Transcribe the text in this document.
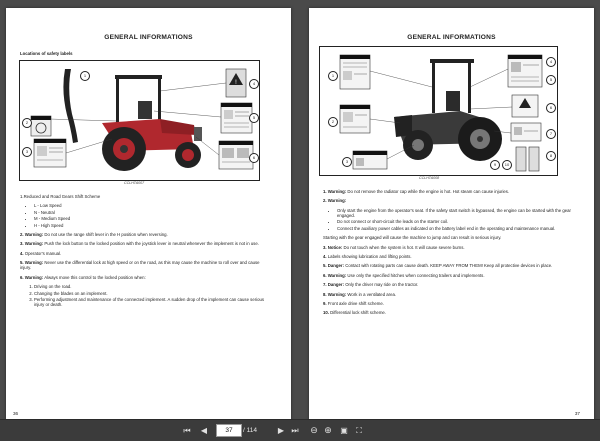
GENERAL INFORMATIONS
Locations of safety labels
!
1
2
3
4
5
6
CCLHTA007

1.Reduced and Road Gears Shift Scheme

• L - Low Speed
• N - Neutral
• M - Medium Speed
• H - High Speed

2. Warning: Do not use the range shift lever in the H position when reversing.

3. Warning: Push the lock button to the locked position with the joystick lever in neutral whenever the implement is not in use.

4. Operator's manual.

5. Warning: Never use the differential lock at high speed or on the road, as this may cause the machine to roll over and cause injury.

6. Warning: Always move this control to the locked position when:

1. Driving on the road.
2. Changing the blades on an implement.
3. Performing adjustment and maintenance of the connected implement. A sudden drop of the implement can cause serious injury or death.
36
GENERAL INFORMATIONS
1
2
3
4
5
6
7
8
9	10
CCLHTA008

1. Warning: Do not remove the radiator cap while the engine is hot. Hot steam can cause injuries.

2. Warning:

• Only start the engine from the operator's seat. If the safety start switch is bypassed, the engine can be started with the gear engaged.
• Do not connect or short-circuit the leads on the starter coil.
• Connect the auxiliary power cables as indicated on the battery label end in the operating and maintenance manual.

Starting with the gear engaged will cause the machine to jump and can result in serious injury.

3. Notice: Do not touch when the system is hot. It will cause severe burns.

4. Labels showing lubrication and lifting points.

5. Danger: Contact with rotating parts can cause death. KEEP AWAY FROM THEM! Keep all protective devices in place.

6. Warning: Use only the specified hitches when connecting trailers and implements.

7. Danger: Only the driver may ride on the tractor.

8. Warning: Work in a ventilated area.

9. Front axle drive shift scheme.

10. Differential lock shift scheme.

37
⏮	◀
37	/ 114	▶ ⏭ ⊖ ⊕ ▣	⛶
